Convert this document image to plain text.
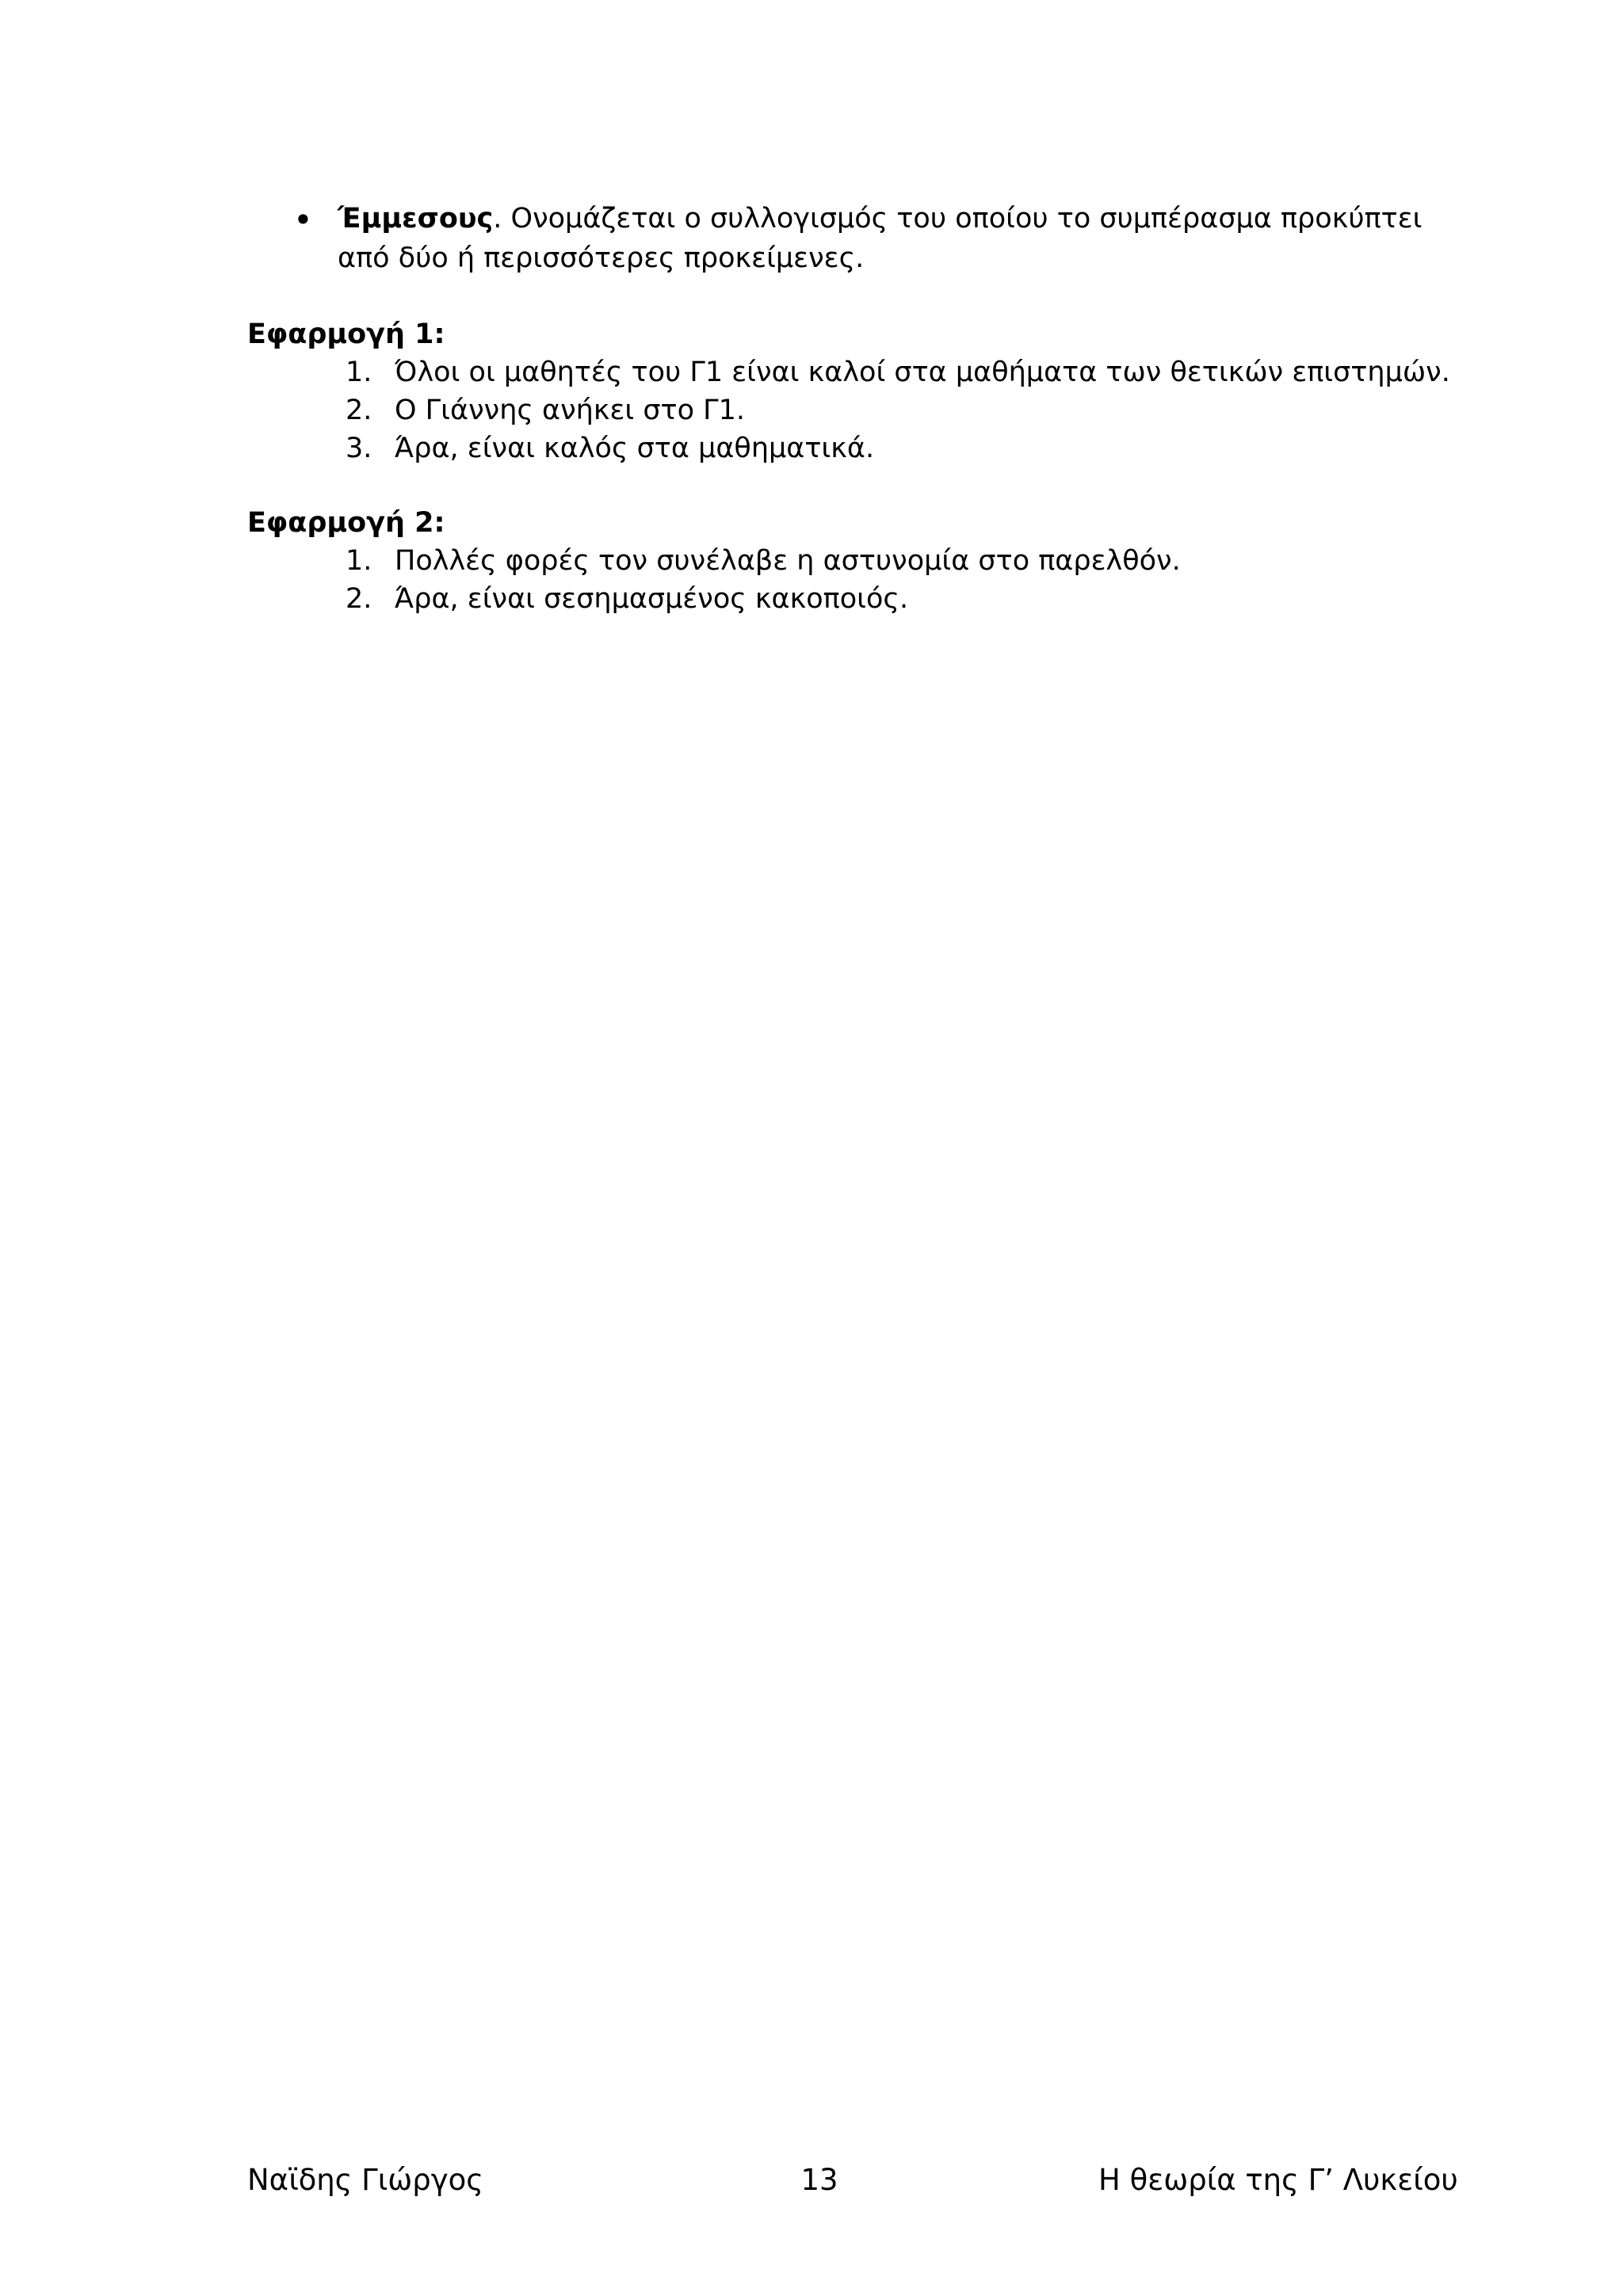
• Έμμεσους. Ονομάζεται ο συλλογισμός του οποίου το συμπέρασμα προκύπτει
από δύο ή περισσότερες προκείμενες.
Εφαρμογή 1:
1. Όλοι οι μαθητές του Γ1 είναι καλοί στα μαθήματα των θετικών επιστημών.
2. Ο Γιάννης ανήκει στο Γ1.
3. Άρα, είναι καλός στα μαθηματικά.
Εφαρμογή 2:
1. Πολλές φορές τον συνέλαβε η αστυνομία στο παρελθόν.
2. Άρα, είναι σεσημασμένος κακοποιός.
Ναϊδης Γιώργος	13	Η θεωρία της Γ’ Λυκείου
